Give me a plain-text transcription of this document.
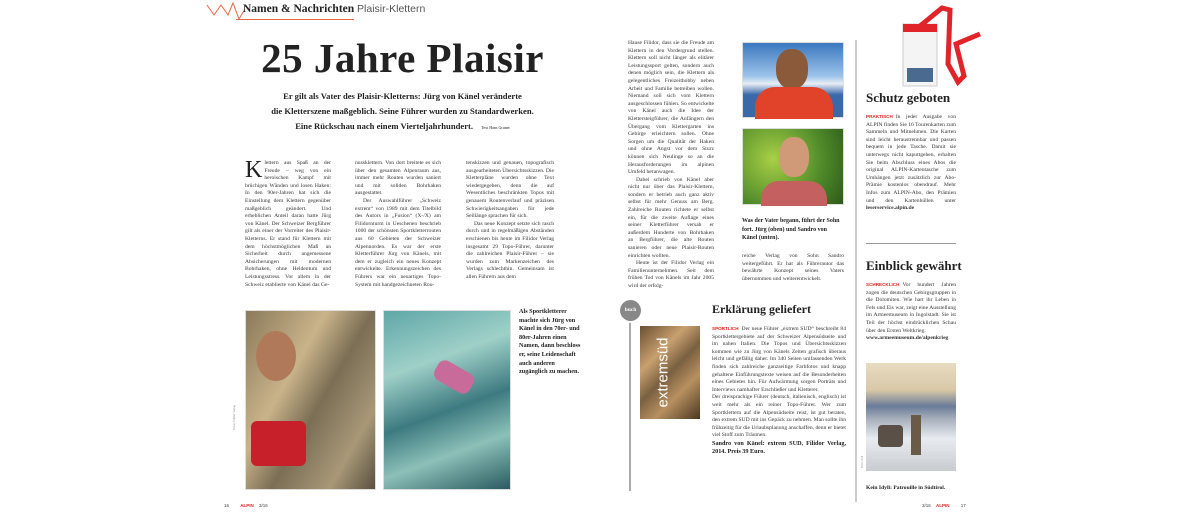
Namen & Nachrichten Plaisir-Klettern
25 Jahre Plaisir
Er gilt als Vater des Plaisir-Kletterns: Jürg von Känel veränderte
die Kletterszene maßgeblich. Seine Führer wurden zu Standardwerken.
Eine Rückschau nach einem Vierteljahrhundert. Text Hans Gruner
Klettern aus Spaß an der Freude – weg von ein heroischen Kampf mit brüchigen Wänden und losen Haken: In den 90er-Jahren hat sich die Einstellung dem Klettern gegenüber maßgeblich geändert. Und erheblichen Anteil daran hatte Jürg von Känel. Der Schweizer Bergführer gilt als einer der Vorreiter des Plaisir-Kletterns. Er stand für Klettern mit dem höchstmöglichen Maß an Sicherheit durch angemessene Absicherungen mit modernen Bohrhaken, ohne Heldentum und Leistungsstress. Vor allem in der Schweiz etablierte von Känel das Ge-

nussklettern. Von dort breitete es sich über den gesamten Alpenraum aus, immer mehr Routen wurden saniert und mit soliden Bohrhaken ausgestattet.

Der Auswahlführer „Schweiz extrem“ von 1989 mit dem Titelbild des Autors in „Fusion“ (X-/X) am Filidornturm in Ueschenen beschrieb 1000 der schönsten Sportkletterrouten aus 60 Gebieten der Schweizer Alpennorden. Es war der erste Kletterführer Jürg von Känels, mit dem er zugleich ein neues Konzept entwickelte. Erkennungszeichen des Führers war ein neuartiges Topo-System mit handgezeichneten Rou-

tenskizzen und genauen, topografisch ausgearbeiteten Übersichtsskizzen. Die Kletterpläne wurden ohne Text wiedergegeben, denn die auf Wesentliches beschränkten Topos mit genauem Routenverlauf und präzisen Schwierigkeitsangaben für jede Seillänge sprachen für sich.

Das neue Konzept setzte sich rasch durch und in regelmäßigen Abständen erschienen bis heute im Filidor Verlag insgesamt 29 Topo-Führer, darunter die zahlreichen Plaisir-Führer – sie wurden zum Markenzeichen des Verlags schlechthin. Gemeinsam ist allen Führern aus dem

Fotos: Filidor Verlag
Als Sportkletterer machte sich Jürg von Känel in den 70er- und 80er-Jahren einen Namen, dann beschloss er, seine Leidenschaft auch anderen zugänglich zu machen.
16	ALPIN 3/16

Hause Filidor, dass sie die Freude am Klettern in den Vordergrund stellen. Klettern soll nicht länger als elitärer Leistungssport gelten, sondern auch denen möglich sein, die Klettern als gelegentliches Freizeithobby neben Arbeit und Familie betreiben wollen. Niemand soll sich vom Klettern ausgeschlossen fühlen. So entwickelte von Känel auch die Idee der Klettersteigführer, die Anfängern den Übergang vom Klettergarten ins Gebirge erleichtern sollen. Ohne Sorgen um die Qualität der Haken und ohne Angst vor dem Sturz können sich Neulinge so an die Herausforderungen im alpinen Umfeld heranwagen.

Dabei schrieb von Känel aber nicht nur über das Plaisir-Klettern, sondern er betrieb auch ganz aktiv selbst für mehr Genuss am Berg. Zahlreiche Routen richtete er selbst ein, für die zweite Auflage eines seiner Kletterführer versah er außerdem Hunderte von Bohrhaken an Bergführer, die alte Routen sanieren oder neue Plaisir-Routen einrichten wollten.

Heute ist der Filidor Verlag ein Familienunternehmen. Seit dem frühen Tod von Känels im Jahr 2005 wird der erfolg-

Was der Vater begann, führt der Sohn fort. Jürg (oben) und Sandro von Känel (unten).

reiche Verlag von Sohn Sandro weitergeführt. Er hat als Führerautor das bewährte Konzept seines Vaters übernommen und weiterentwickelt.

buch
extremsüd
Erklärung geliefert

SPORTLICH Der neue Führer „extrem SUD“ beschreibt 84 Sportklettergebiete auf der Schweizer Alpensüdseite und im nahen Italien. Die Topos und Übersichtsskizzen kommen wie zu Jürg von Känels Zeiten grafisch überaus leicht und gefällig daher. Im 340 Seiten umfassenden Werk finden sich zahlreiche ganzseitige Farbfotos und knapp gehaltene Einführungstexte weisen auf die Besonderheiten eines Gebietes hin. Für Aufwärmung sorgen Porträts und Interviews namhafter Erschließer und Kletterer.

Der dreisprachige Führer (deutsch, italienisch, englisch) ist weit mehr als ein reiner Topo-Führer. Wer zum Sportklettern auf die Alpensüdseite reist, ist gut beraten, den extrem SUD mit ins Gepäck zu nehmen. Man sollte ihn frühzeitig für die Urlaubsplanung anschaffen, denn er bietet viel Stoff zum Träumen.

Sandro von Känel: extrem SUD, Filidor Verlag, 2014. Preis 39 Euro.

Schutz geboten
PRAKTISCH In jeder Ausgabe von ALPIN finden Sie 16 Tourenkarten zum Sammeln und Mitnehmen. Die Karten sind leicht heraustrennbar und passen bequem in jede Tasche. Damit sie unterwegs nicht kaputtgehen, erhalten Sie beim Abschluss eines Abos die original ALPIN-Kartentasche zum Umhängen jetzt zusätzlich zur Abo-Prämie kostenlos obendrauf. Mehr Infos zum ALPIN-Abo, den Prämien und den Kartenhüllen unter leserservice.alpin.de
Einblick gewährt
SCHRECKLICH Vor hundert Jahren zogen die deutschen Gebirgsgruppen in die Dolomiten. Wie hart ihr Leben in Fels und Eis war, zeigt eine Ausstellung im Armeemuseum in Ingolstadt. Sie ist Teil der höchst eindrücklichen Schau über den Ersten Weltkrieg.
www.armeemuseum.de/alpenkrieg
Foto: AM
Kein Idyll: Patrouille in Südtirol.
3/16 ALPIN	17
